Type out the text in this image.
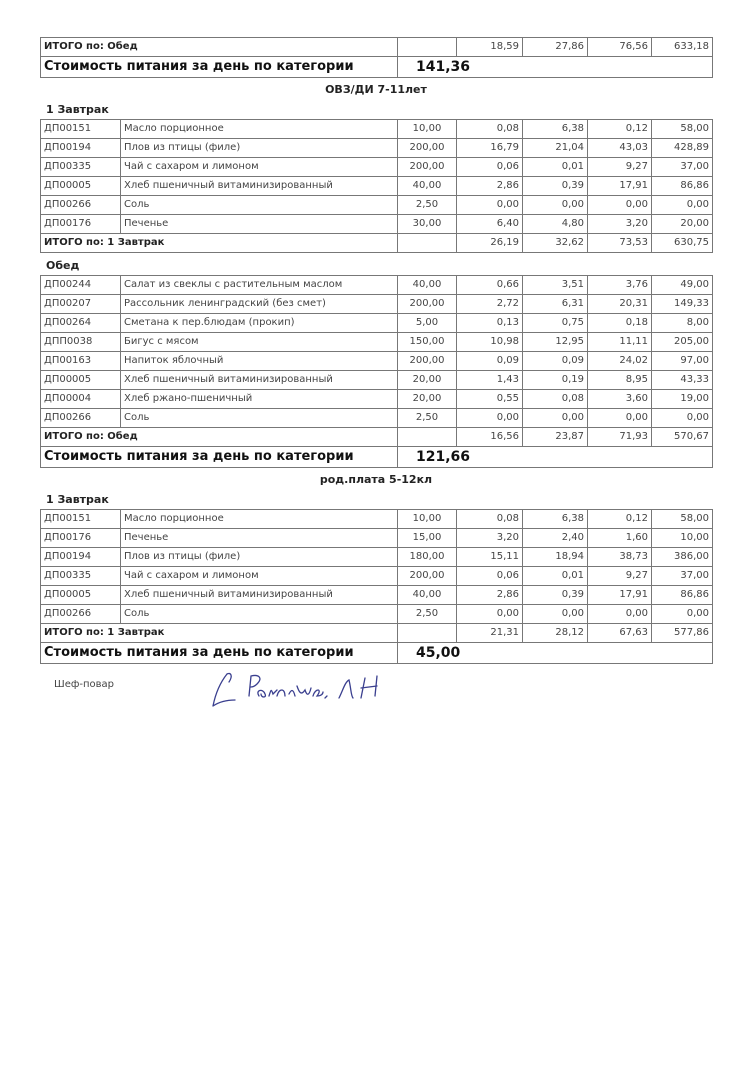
ИТОГО по: Обед		18,59	27,86	76,56	633,18
Стоимость питания за день по категории	141,36				
ОВЗ/ДИ 7-11лет
1 Завтрак
ДП00151	Масло порционное	10,00	0,08	6,38	0,12	58,00
ДП00194	Плов из птицы (филе)	200,00	16,79	21,04	43,03	428,89
ДП00335	Чай с сахаром и лимоном	200,00	0,06	0,01	9,27	37,00
ДП00005	Хлеб пшеничный витаминизированный	40,00	2,86	0,39	17,91	86,86
ДП00266	Соль	2,50	0,00	0,00	0,00	0,00
ДП00176	Печенье	30,00	6,40	4,80	3,20	20,00
ИТОГО по: 1 Завтрак			26,19	32,62	73,53	630,75
Обед
ДП00244	Салат из свеклы с растительным маслом	40,00	0,66	3,51	3,76	49,00
ДП00207	Рассольник ленинградский (без смет)	200,00	2,72	6,31	20,31	149,33
ДП00264	Сметана к пер.блюдам (прокип)	5,00	0,13	0,75	0,18	8,00
ДПП0038	Бигус с мясом	150,00	10,98	12,95	11,11	205,00
ДП00163	Напиток яблочный	200,00	0,09	0,09	24,02	97,00
ДП00005	Хлеб пшеничный витаминизированный	20,00	1,43	0,19	8,95	43,33
ДП00004	Хлеб ржано-пшеничный	20,00	0,55	0,08	3,60	19,00
ДП00266	Соль	2,50	0,00	0,00	0,00	0,00
ИТОГО по: Обед			16,56	23,87	71,93	570,67
Стоимость питания за день по категории		121,66				
род.плата 5-12кл
1 Завтрак
ДП00151	Масло порционное	10,00	0,08	6,38	0,12	58,00
ДП00176	Печенье	15,00	3,20	2,40	1,60	10,00
ДП00194	Плов из птицы (филе)	180,00	15,11	18,94	38,73	386,00
ДП00335	Чай с сахаром и лимоном	200,00	0,06	0,01	9,27	37,00
ДП00005	Хлеб пшеничный витаминизированный	40,00	2,86	0,39	17,91	86,86
ДП00266	Соль	2,50	0,00	0,00	0,00	0,00
ИТОГО по: 1 Завтрак			21,31	28,12	67,63	577,86
Стоимость питания за день по категории		45,00				
Шеф-повар
